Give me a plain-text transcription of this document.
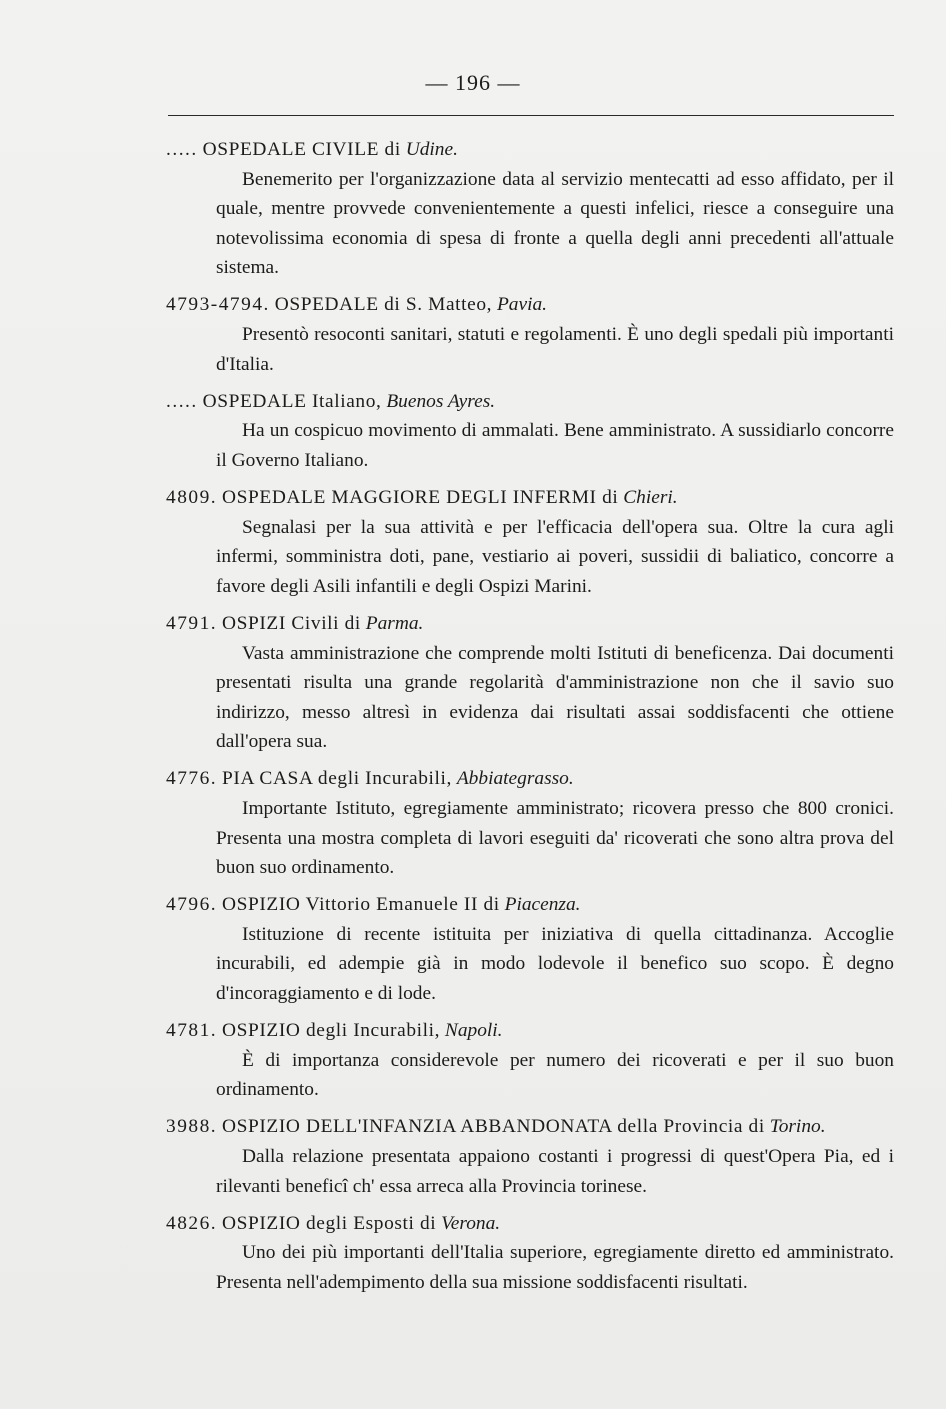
— 196 —

..... OSPEDALE CIVILE di Udine.

Benemerito per l'organizzazione data al servizio mentecatti ad esso affidato, per il quale, mentre provvede convenientemente a questi infelici, riesce a conseguire una notevolissima economia di spesa di fronte a quella degli anni precedenti all'attuale sistema.

4793-4794. OSPEDALE di S. Matteo, Pavia.

Presentò resoconti sanitari, statuti e regolamenti. È uno degli spedali più importanti d'Italia.

..... OSPEDALE Italiano, Buenos Ayres.

Ha un cospicuo movimento di ammalati. Bene amministrato. A sussidiarlo concorre il Governo Italiano.

4809. OSPEDALE MAGGIORE DEGLI INFERMI di Chieri.

Segnalasi per la sua attività e per l'efficacia dell'opera sua. Oltre la cura agli infermi, somministra doti, pane, vestiario ai poveri, sussidii di baliatico, concorre a favore degli Asili infantili e degli Ospizi Marini.

4791. OSPIZI Civili di Parma.

Vasta amministrazione che comprende molti Istituti di beneficenza. Dai documenti presentati risulta una grande regolarità d'amministrazione non che il savio suo indirizzo, messo altresì in evidenza dai risultati assai soddisfacenti che ottiene dall'opera sua.

4776. PIA CASA degli Incurabili, Abbiategrasso.

Importante Istituto, egregiamente amministrato; ricovera presso che 800 cronici. Presenta una mostra completa di lavori eseguiti da' ricoverati che sono altra prova del buon suo ordinamento.

4796. OSPIZIO Vittorio Emanuele II di Piacenza.

Istituzione di recente istituita per iniziativa di quella cittadinanza. Accoglie incurabili, ed adempie già in modo lodevole il benefico suo scopo. È degno d'incoraggiamento e di lode.

4781. OSPIZIO degli Incurabili, Napoli.

È di importanza considerevole per numero dei ricoverati e per il suo buon ordinamento.

3988. OSPIZIO DELL'INFANZIA ABBANDONATA della Provincia di Torino.

Dalla relazione presentata appaiono costanti i progressi di quest'Opera Pia, ed i rilevanti beneficî ch' essa arreca alla Provincia torinese.

4826. OSPIZIO degli Esposti di Verona.

Uno dei più importanti dell'Italia superiore, egregiamente diretto ed amministrato. Presenta nell'adempimento della sua missione soddisfacenti risultati.
